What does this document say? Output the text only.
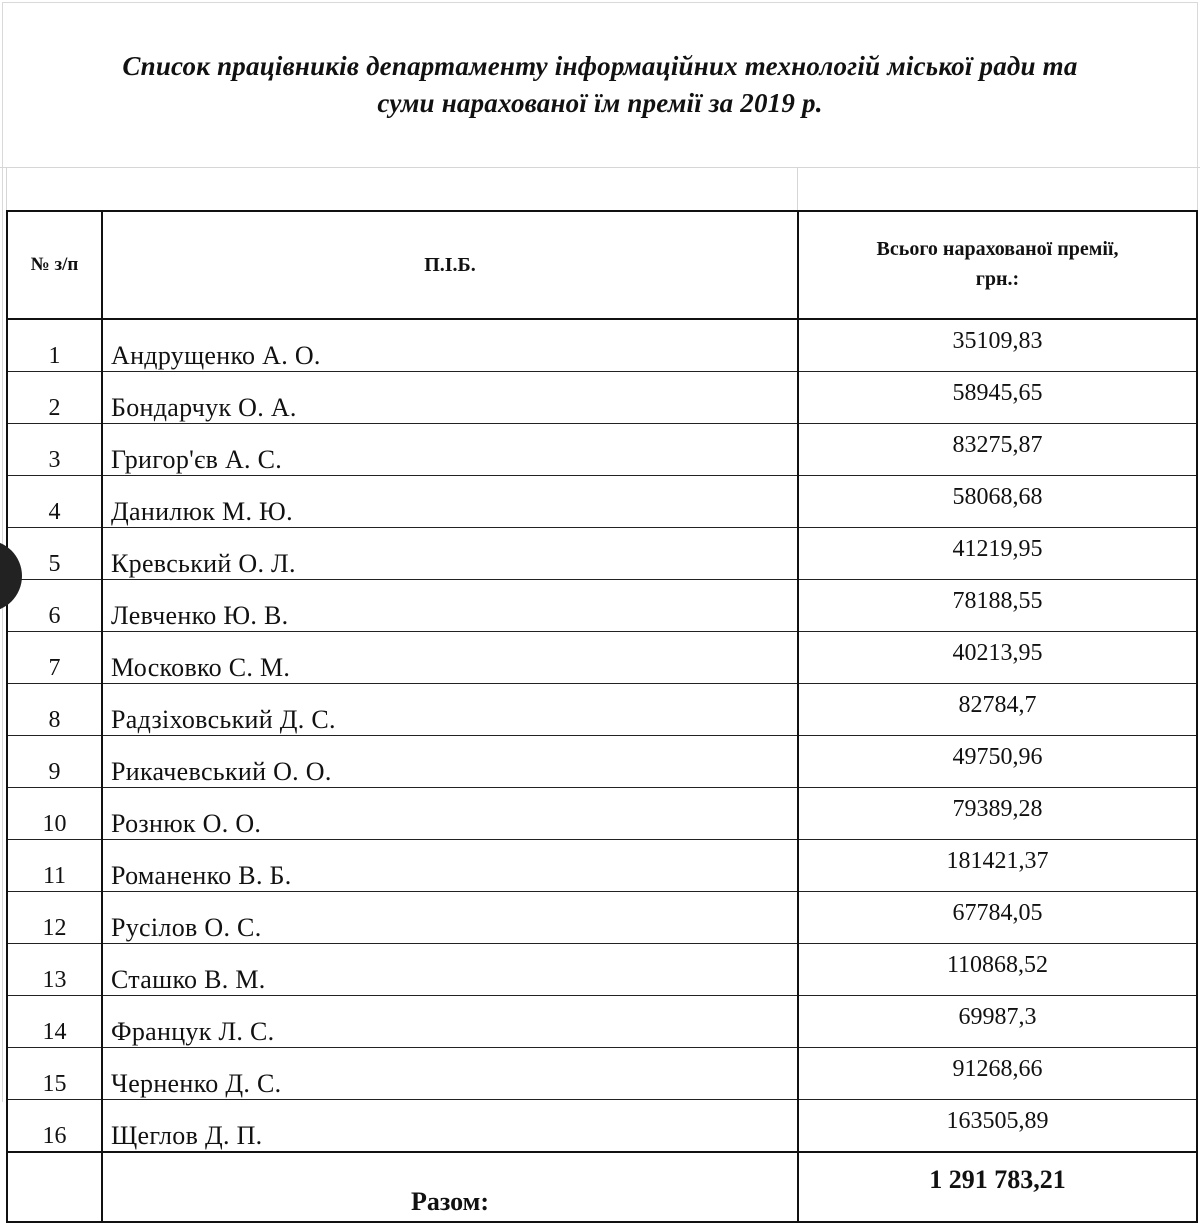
Список працівників департаменту інформаційних технологій міської ради та
суми нарахованої їм премії за 2019 р.
№ з/п	П.І.Б.	Всього нарахованої премії,
грн.:

1	Андрущенко А. О.	35109,83
2	Бондарчук О. А.	58945,65
3	Григор'єв А. С.	83275,87
4	Данилюк М. Ю.	58068,68
5	Кревський О. Л.	41219,95
6	Левченко Ю. В.	78188,55
7	Московко С. М.	40213,95
8	Радзіховський Д. С.	82784,7
9	Рикачевський О. О.	49750,96
10	Рознюк О. О.	79389,28
11	Романенко В. Б.	181421,37
12	Русілов О. С.	67784,05
13	Сташко В. М.	110868,52
14	Францук Л. С.	69987,3
15	Черненко Д. С.	91268,66
16	Щеглов Д. П.	163505,89
	Разом:	1 291 783,21
